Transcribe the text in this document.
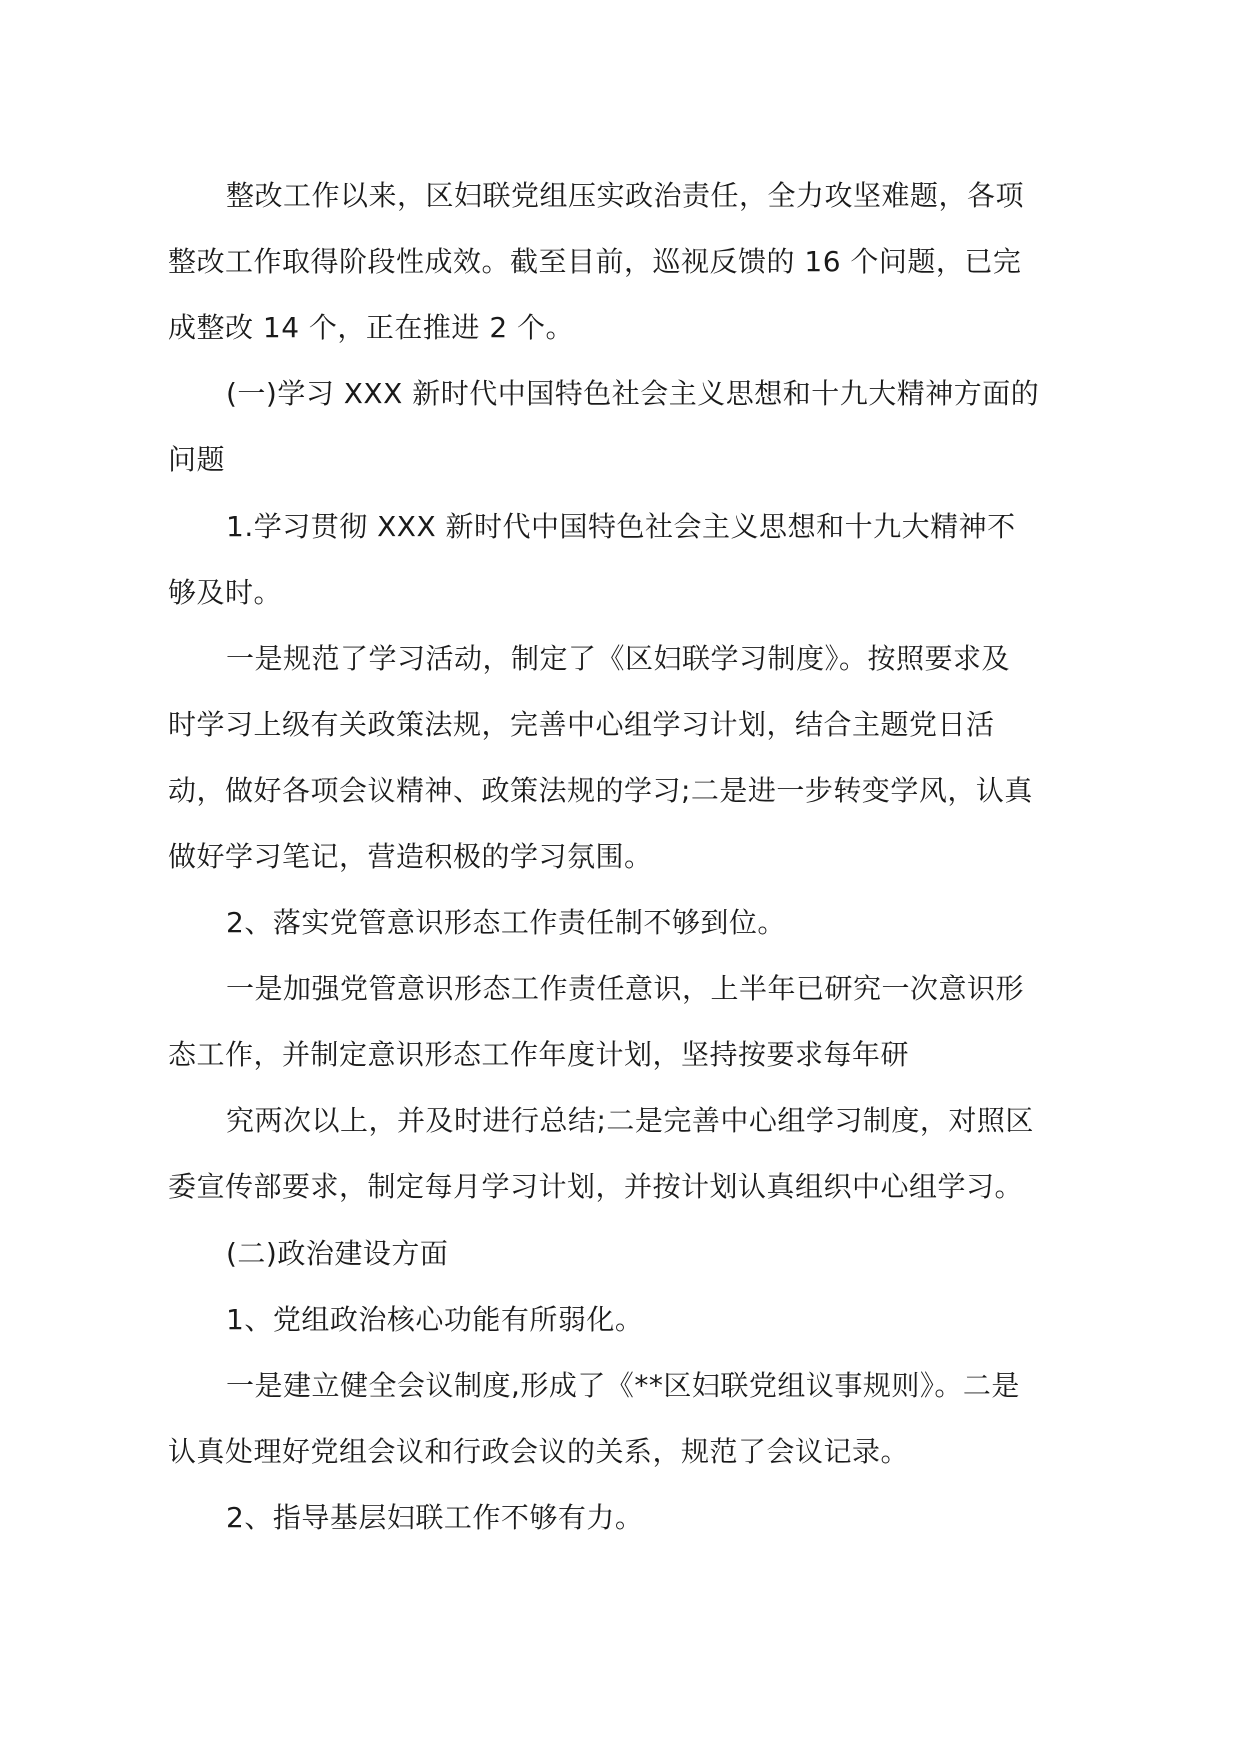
整改工作以来，区妇联党组压实政治责任，全力攻坚难题，各项
整改工作取得阶段性成效。截至目前，巡视反馈的 16 个问题，已完
成整改 14 个，正在推进 2 个。
(一)学习 XXX 新时代中国特色社会主义思想和十九大精神方面的
问题
1.学习贯彻 XXX 新时代中国特色社会主义思想和十九大精神不
够及时。
一是规范了学习活动，制定了《区妇联学习制度》。按照要求及
时学习上级有关政策法规，完善中心组学习计划，结合主题党日活
动，做好各项会议精神、政策法规的学习;二是进一步转变学风，认真
做好学习笔记，营造积极的学习氛围。
2、落实党管意识形态工作责任制不够到位。
一是加强党管意识形态工作责任意识，上半年已研究一次意识形
态工作，并制定意识形态工作年度计划，坚持按要求每年研
究两次以上，并及时进行总结;二是完善中心组学习制度，对照区
委宣传部要求，制定每月学习计划，并按计划认真组织中心组学习。
(二)政治建设方面
1、党组政治核心功能有所弱化。
一是建立健全会议制度,形成了《**区妇联党组议事规则》。二是
认真处理好党组会议和行政会议的关系，规范了会议记录。
2、指导基层妇联工作不够有力。
